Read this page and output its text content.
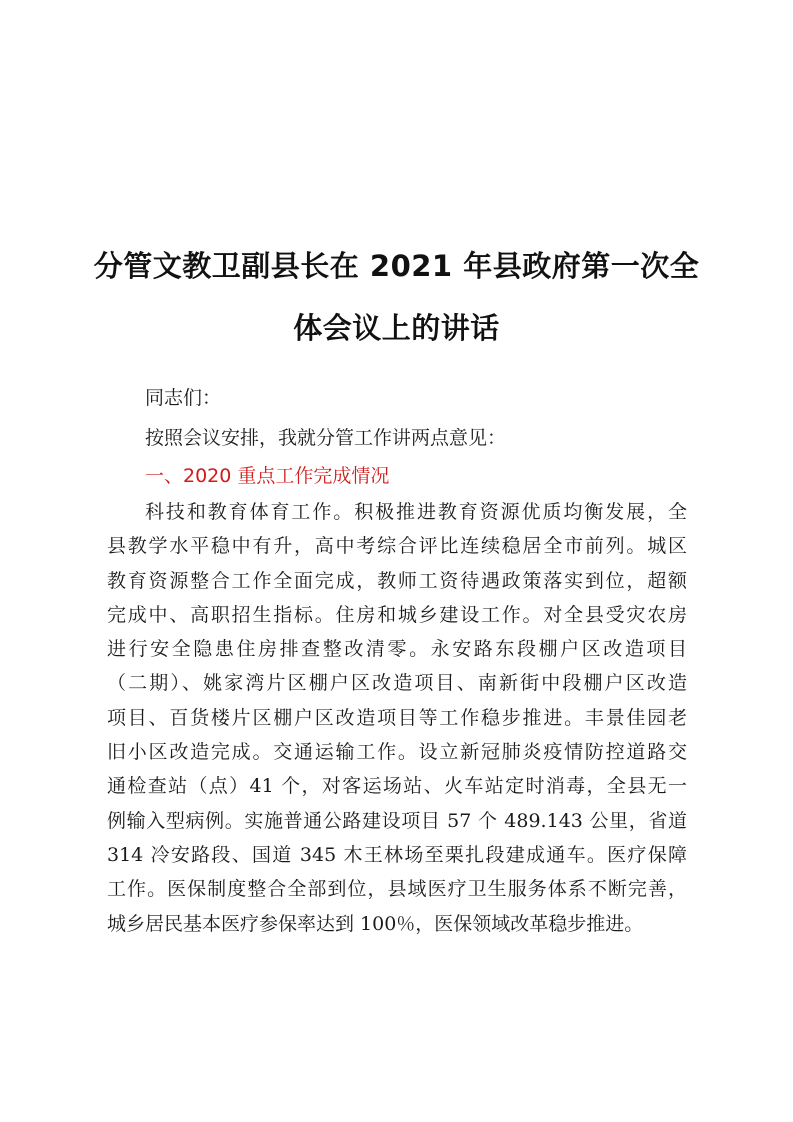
分管文教卫副县长在 2021 年县政府第一次全
体会议上的讲话
同志们：
按照会议安排，我就分管工作讲两点意见：
一、2020 重点工作完成情况
科技和教育体育工作。积极推进教育资源优质均衡发展，全
县教学水平稳中有升，高中考综合评比连续稳居全市前列。城区
教育资源整合工作全面完成，教师工资待遇政策落实到位，超额
完成中、高职招生指标。住房和城乡建设工作。对全县受灾农房
进行安全隐患住房排查整改清零。永安路东段棚户区改造项目
（二期）、姚家湾片区棚户区改造项目、南新街中段棚户区改造
项目、百货楼片区棚户区改造项目等工作稳步推进。丰景佳园老
旧小区改造完成。交通运输工作。设立新冠肺炎疫情防控道路交
通检查站（点）41 个，对客运场站、火车站定时消毒，全县无一
例输入型病例。实施普通公路建设项目 57 个 489.143 公里，省道
314 冷安路段、国道 345 木王林场至栗扎段建成通车。医疗保障
工作。医保制度整合全部到位，县域医疗卫生服务体系不断完善，
城乡居民基本医疗参保率达到 100％，医保领域改革稳步推进。
